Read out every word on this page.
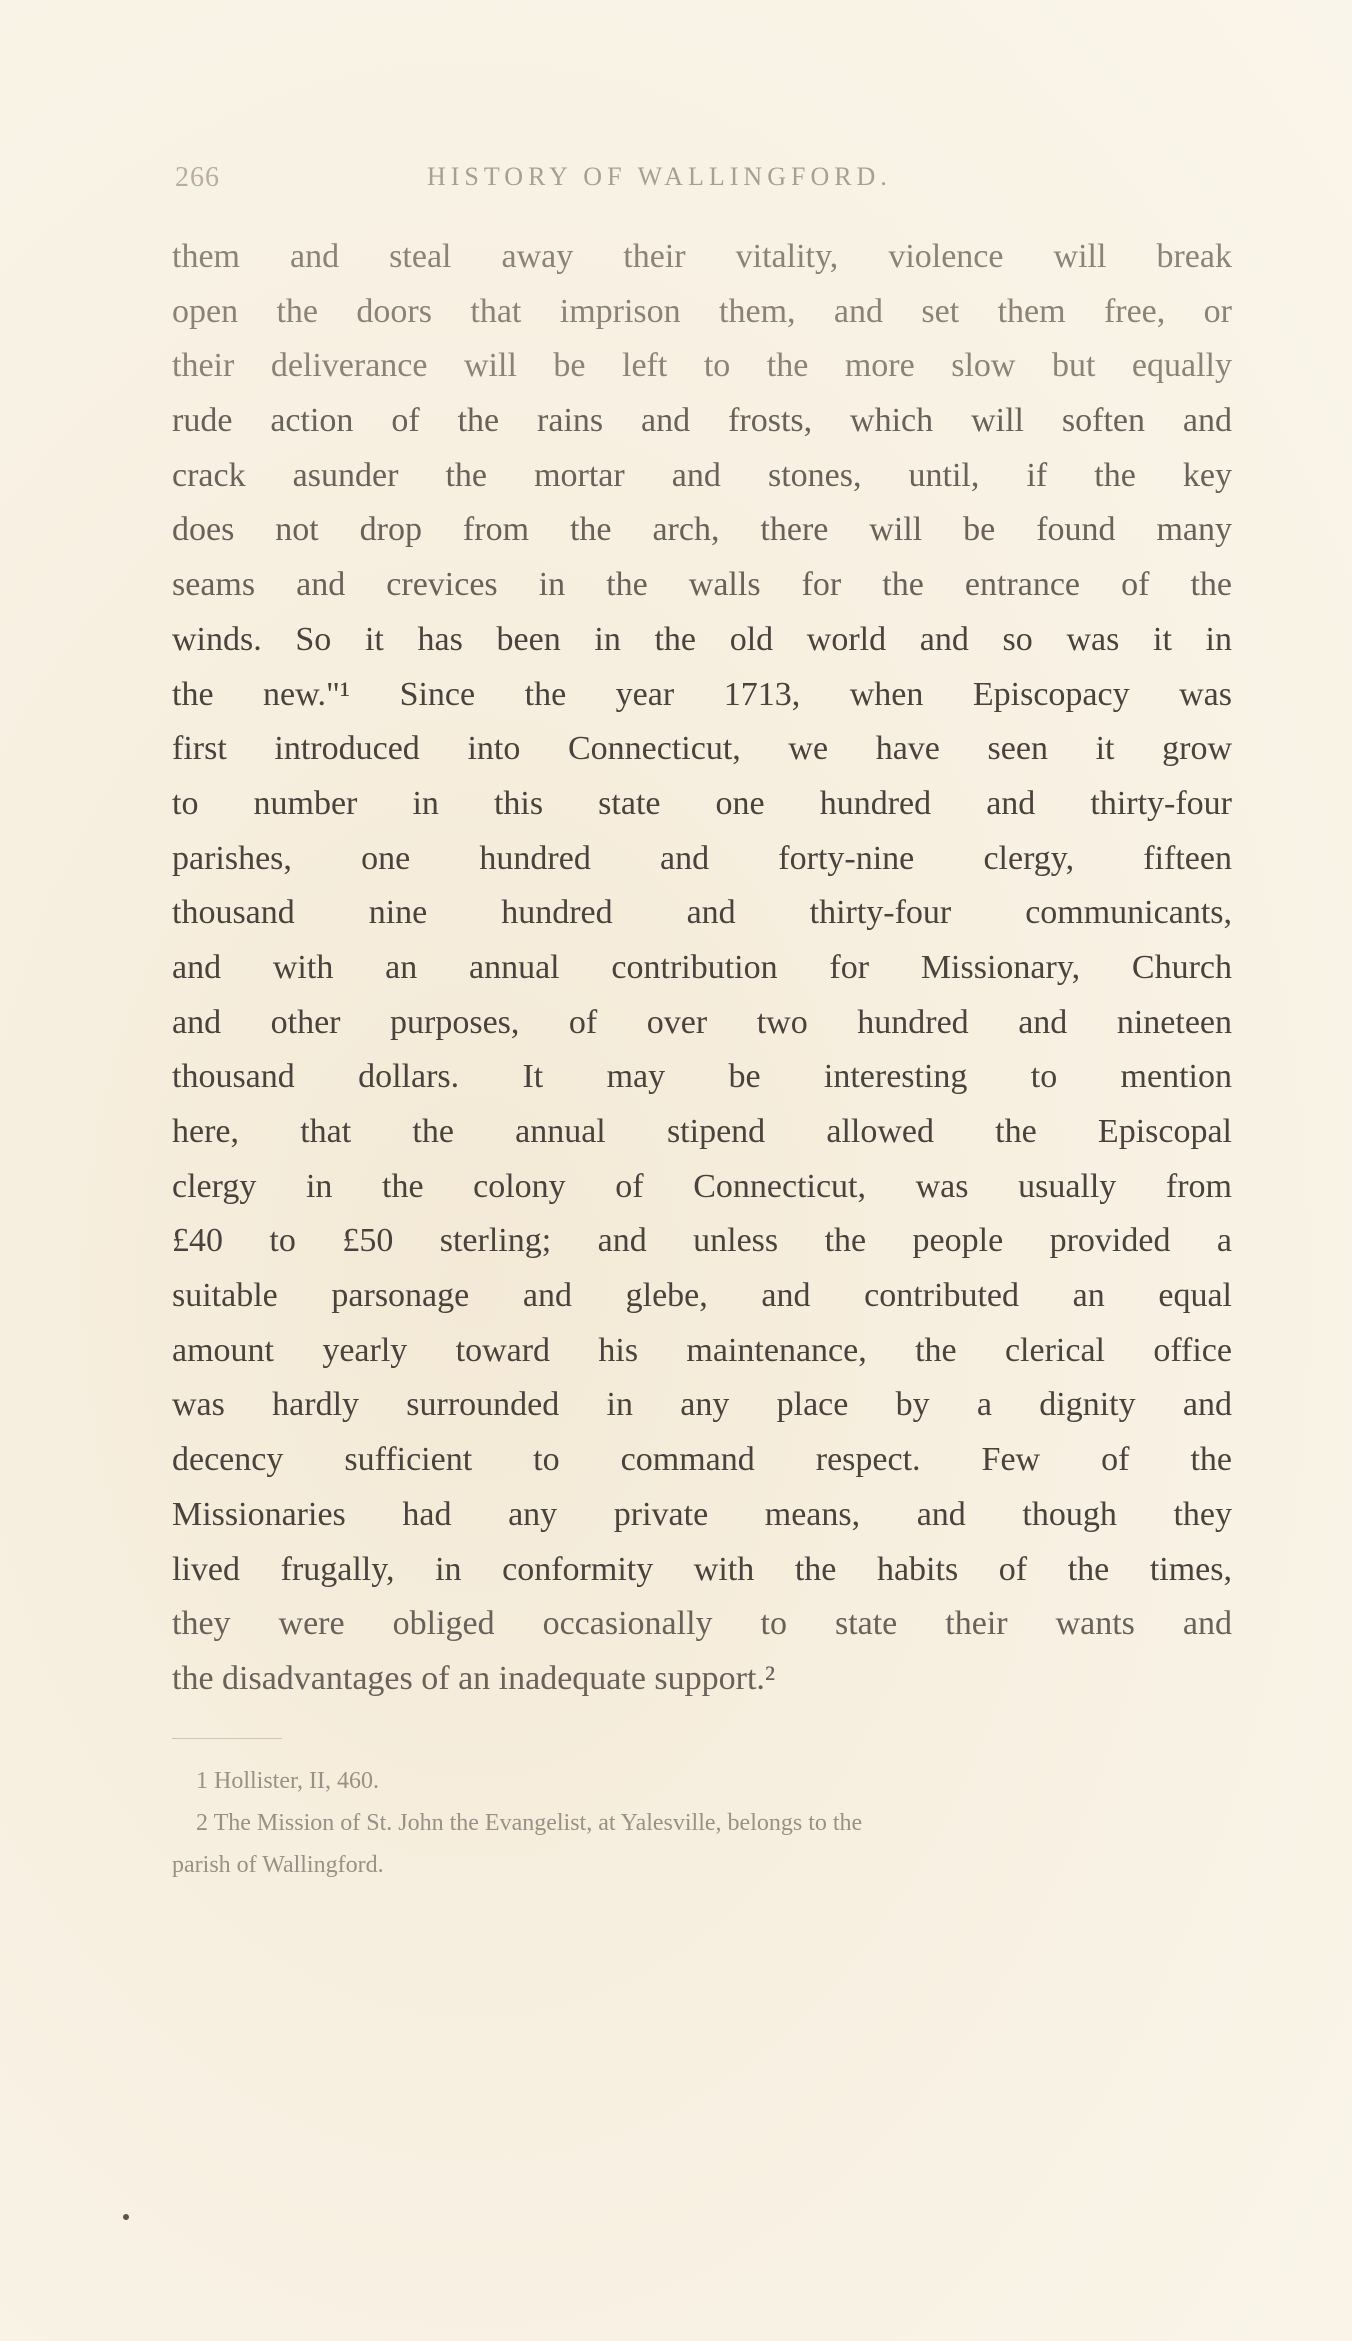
266	HISTORY OF WALLINGFORD.
them and steal away their vitality, violence will break
open the doors that imprison them, and set them free, or
their deliverance will be left to the more slow but equally
rude action of the rains and frosts, which will soften and
crack asunder the mortar and stones, until, if the key
does not drop from the arch, there will be found many
seams and crevices in the walls for the entrance of the
winds. So it has been in the old world and so was it in
the new."¹ Since the year 1713, when Episcopacy was
first introduced into Connecticut, we have seen it grow
to number in this state one hundred and thirty-four
parishes, one hundred and forty-nine clergy, fifteen
thousand nine hundred and thirty-four communicants,
and with an annual contribution for Missionary, Church
and other purposes, of over two hundred and nineteen
thousand dollars. It may be interesting to mention
here, that the annual stipend allowed the Episcopal
clergy in the colony of Connecticut, was usually from
£40 to £50 sterling; and unless the people provided a
suitable parsonage and glebe, and contributed an equal
amount yearly toward his maintenance, the clerical office
was hardly surrounded in any place by a dignity and
decency sufficient to command respect. Few of the
Missionaries had any private means, and though they
lived frugally, in conformity with the habits of the times,
they were obliged occasionally to state their wants and
the disadvantages of an inadequate support.²
1 Hollister, II, 460.
2 The Mission of St. John the Evangelist, at Yalesville, belongs to the
parish of Wallingford.
